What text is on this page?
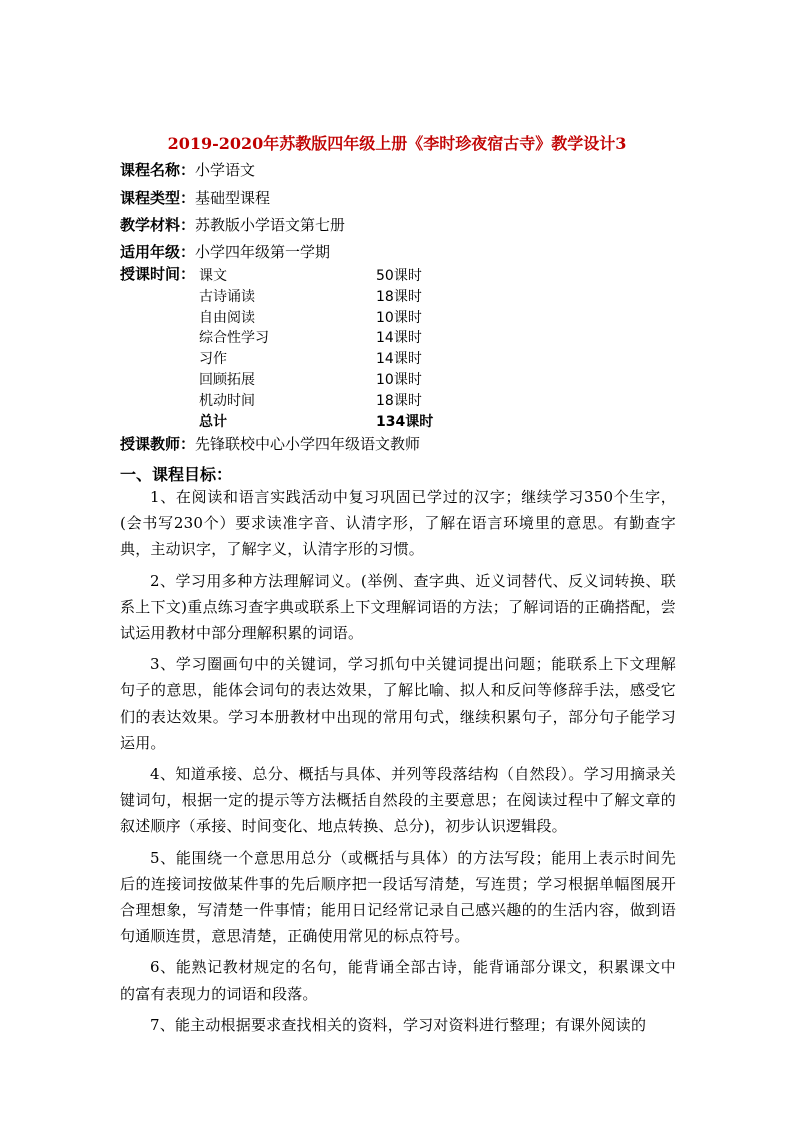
2019-2020年苏教版四年级上册《李时珍夜宿古寺》教学设计3
课程名称：小学语文
课程类型：基础型课程
教学材料：苏教版小学语文第七册
适用年级：小学四年级第一学期
授课时间： 课文	50课时
古诗诵读	18课时
自由阅读	10课时
综合性学习	14课时
习作	14课时
回顾拓展	10课时
机动时间	18课时
总计	134课时
授课教师：先锋联校中心小学四年级语文教师
一、课程目标：

1、在阅读和语言实践活动中复习巩固已学过的汉字；继续学习350个生字，(会书写230个）要求读准字音、认清字形，了解在语言环境里的意思。有勤查字典，主动识字，了解字义，认清字形的习惯。

2、学习用多种方法理解词义。(举例、查字典、近义词替代、反义词转换、联系上下文)重点练习查字典或联系上下文理解词语的方法；了解词语的正确搭配，尝试运用教材中部分理解积累的词语。

3、学习圈画句中的关键词，学习抓句中关键词提出问题；能联系上下文理解句子的意思，能体会词句的表达效果，了解比喻、拟人和反问等修辞手法，感受它们的表达效果。学习本册教材中出现的常用句式，继续积累句子，部分句子能学习运用。

4、知道承接、总分、概括与具体、并列等段落结构（自然段）。学习用摘录关键词句，根据一定的提示等方法概括自然段的主要意思；在阅读过程中了解文章的叙述顺序（承接、时间变化、地点转换、总分)，初步认识逻辑段。

5、能围绕一个意思用总分（或概括与具体）的方法写段；能用上表示时间先后的连接词按做某件事的先后顺序把一段话写清楚，写连贯；学习根据单幅图展开合理想象，写清楚一件事情；能用日记经常记录自己感兴趣的的生活内容，做到语句通顺连贯，意思清楚，正确使用常见的标点符号。

6、能熟记教材规定的名句，能背诵全部古诗，能背诵部分课文，积累课文中的富有表现力的词语和段落。

7、能主动根据要求查找相关的资料，学习对资料进行整理；有课外阅读的
